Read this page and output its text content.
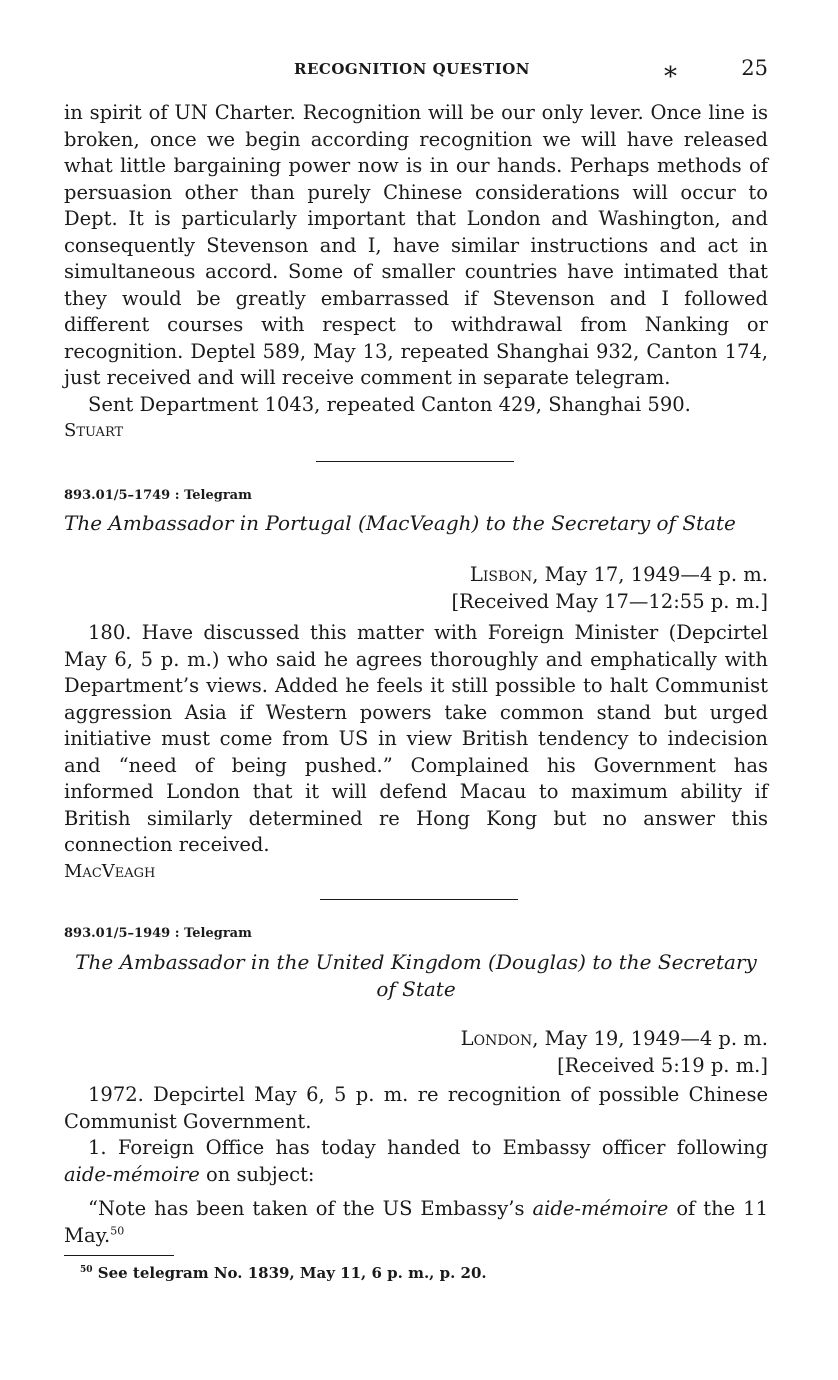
RECOGNITION QUESTION	*	25

in spirit of UN Charter. Recognition will be our only lever. Once line is broken, once we begin according recognition we will have released what little bargaining power now is in our hands. Perhaps methods of persuasion other than purely Chinese considerations will occur to Dept. It is particularly important that London and Washington, and consequently Stevenson and I, have similar instructions and act in simultaneous accord. Some of smaller countries have intimated that they would be greatly embarrassed if Stevenson and I followed different courses with respect to withdrawal from Nanking or recognition. Deptel 589, May 13, repeated Shanghai 932, Canton 174, just received and will receive comment in separate telegram.

Sent Department 1043, repeated Canton 429, Shanghai 590.

Stuart

893.01/5–1749 : Telegram
The Ambassador in Portugal (MacVeagh) to the Secretary of State
Lisbon, May 17, 1949—4 p. m.
[Received May 17—12:55 p. m.]

180. Have discussed this matter with Foreign Minister (Depcirtel May 6, 5 p. m.) who said he agrees thoroughly and emphatically with Department’s views. Added he feels it still possible to halt Communist aggression Asia if Western powers take common stand but urged initiative must come from US in view British tendency to indecision and “need of being pushed.” Complained his Government has informed London that it will defend Macau to maximum ability if British similarly determined re Hong Kong but no answer this connection received.

MacVeagh

893.01/5–1949 : Telegram
The Ambassador in the United Kingdom (Douglas) to the Secretary of State
London, May 19, 1949—4 p. m.
[Received 5:19 p. m.]

1972. Depcirtel May 6, 5 p. m. re recognition of possible Chinese Communist Government.

1. Foreign Office has today handed to Embassy officer following aide-mémoire on subject:

“Note has been taken of the US Embassy’s aide-mémoire of the 11 May.$^{50}$

$^{50}$ See telegram No. 1839, May 11, 6 p. m., p. 20.
